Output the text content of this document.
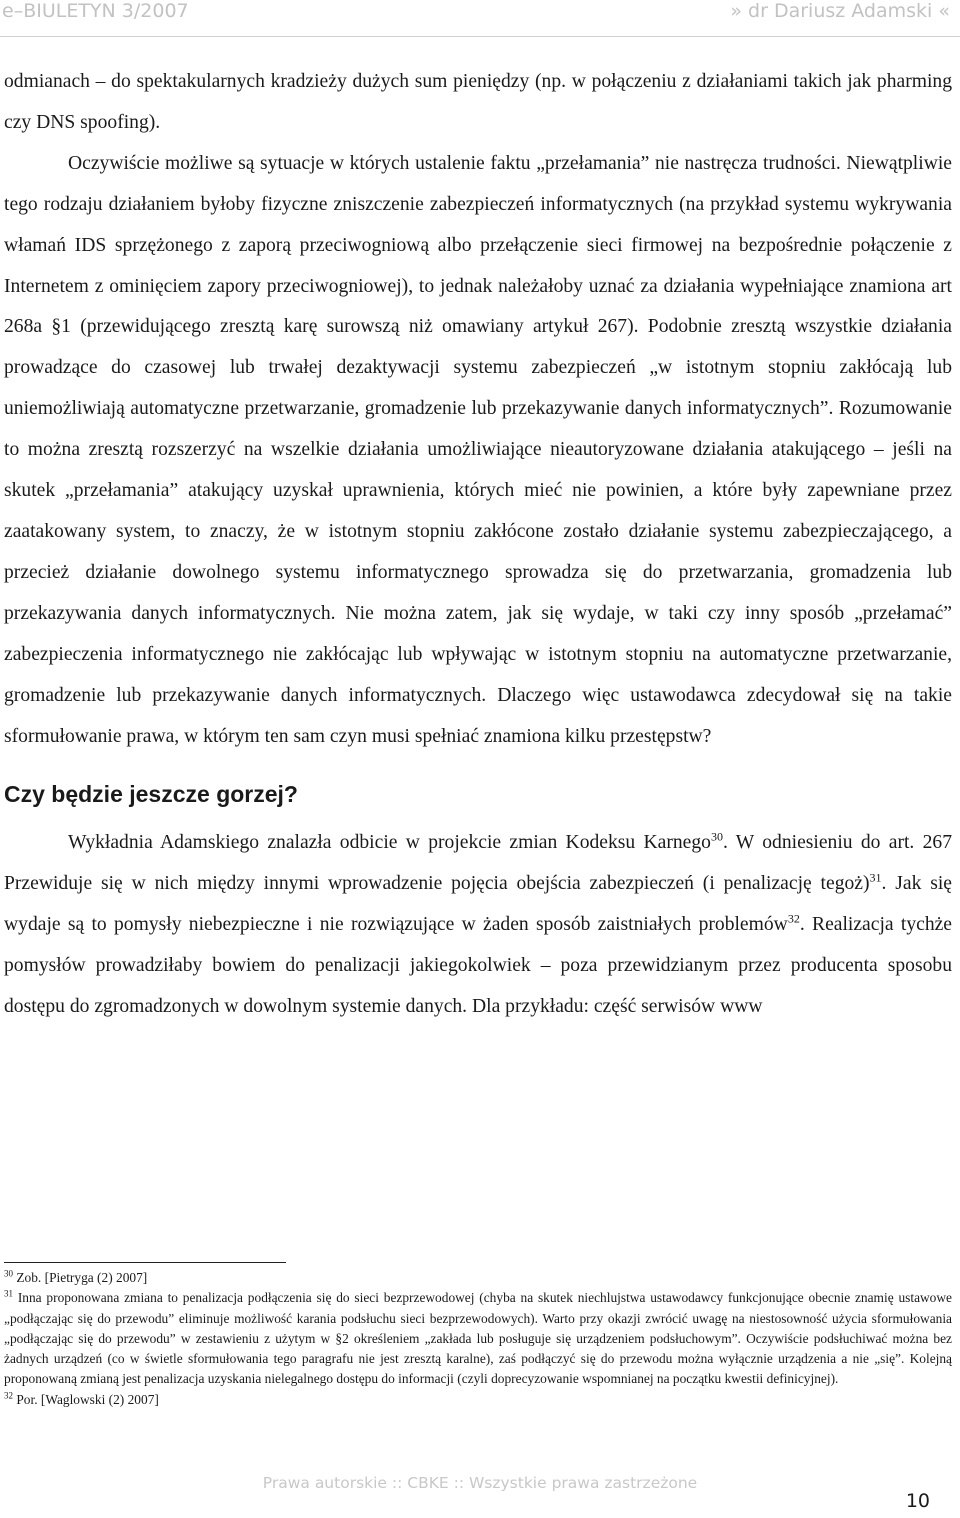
e–BIULETYN 3/2007	» dr Dariusz Adamski «

odmianach – do spektakularnych kradzieży dużych sum pieniędzy (np. w połączeniu z działaniami takich jak pharming czy DNS spoofing).

Oczywiście możliwe są sytuacje w których ustalenie faktu „przełamania” nie nastręcza trudności. Niewątpliwie tego rodzaju działaniem byłoby fizyczne zniszczenie zabezpieczeń informatycznych (na przykład systemu wykrywania włamań IDS sprzężonego z zaporą przeciwogniową albo przełączenie sieci firmowej na bezpośrednie połączenie z Internetem z ominięciem zapory przeciwogniowej), to jednak należałoby uznać za działania wypełniające znamiona art 268a §1 (przewidującego zresztą karę surowszą niż omawiany artykuł 267). Podobnie zresztą wszystkie działania prowadzące do czasowej lub trwałej dezaktywacji systemu zabezpieczeń „w istotnym stopniu zakłócają lub uniemożliwiają automatyczne przetwarzanie, gromadzenie lub przekazywanie danych informatycznych”. Rozumowanie to można zresztą rozszerzyć na wszelkie działania umożliwiające nieautoryzowane działania atakującego – jeśli na skutek „przełamania” atakujący uzyskał uprawnienia, których mieć nie powinien, a które były zapewniane przez zaatakowany system, to znaczy, że w istotnym stopniu zakłócone zostało działanie systemu zabezpieczającego, a przecież działanie dowolnego systemu informatycznego sprowadza się do przetwarzania, gromadzenia lub przekazywania danych informatycznych. Nie można zatem, jak się wydaje, w taki czy inny sposób „przełamać” zabezpieczenia informatycznego nie zakłócając lub wpływając w istotnym stopniu na automatyczne przetwarzanie, gromadzenie lub przekazywanie danych informatycznych. Dlaczego więc ustawodawca zdecydował się na takie sformułowanie prawa, w którym ten sam czyn musi spełniać znamiona kilku przestępstw?

Czy będzie jeszcze gorzej?

Wykładnia Adamskiego znalazła odbicie w projekcie zmian Kodeksu Karnego$^{30}$. W odniesieniu do art. 267 Przewiduje się w nich między innymi wprowadzenie pojęcia obejścia zabezpieczeń (i penalizację tegoż)$^{31}$. Jak się wydaje są to pomysły niebezpieczne i nie rozwiązujące w żaden sposób zaistniałych problemów$^{32}$. Realizacja tychże pomysłów prowadziłaby bowiem do penalizacji jakiegokolwiek – poza przewidzianym przez producenta sposobu dostępu do zgromadzonych w dowolnym systemie danych. Dla przykładu: część serwisów www

$^{30}$ Zob. [Pietryga (2) 2007]

$^{31}$ Inna proponowana zmiana to penalizacja podłączenia się do sieci bezprzewodowej (chyba na skutek niechlujstwa ustawodawcy funkcjonujące obecnie znamię ustawowe „podłączając się do przewodu” eliminuje możliwość karania podsłuchu sieci bezprzewodowych). Warto przy okazji zwrócić uwagę na niestosowność użycia sformułowania „podłączając się do przewodu” w zestawieniu z użytym w §2 określeniem „zakłada lub posługuje się urządzeniem podsłuchowym”. Oczywiście podsłuchiwać można bez żadnych urządzeń (co w świetle sformułowania tego paragrafu nie jest zresztą karalne), zaś podłączyć się do przewodu można wyłącznie urządzenia a nie „się”. Kolejną proponowaną zmianą jest penalizacja uzyskania nielegalnego dostępu do informacji (czyli doprecyzowanie wspomnianej na początku kwestii definicyjnej).

$^{32}$ Por. [Waglowski (2) 2007]

Prawa autorskie :: CBKE :: Wszystkie prawa zastrzeżone
10
